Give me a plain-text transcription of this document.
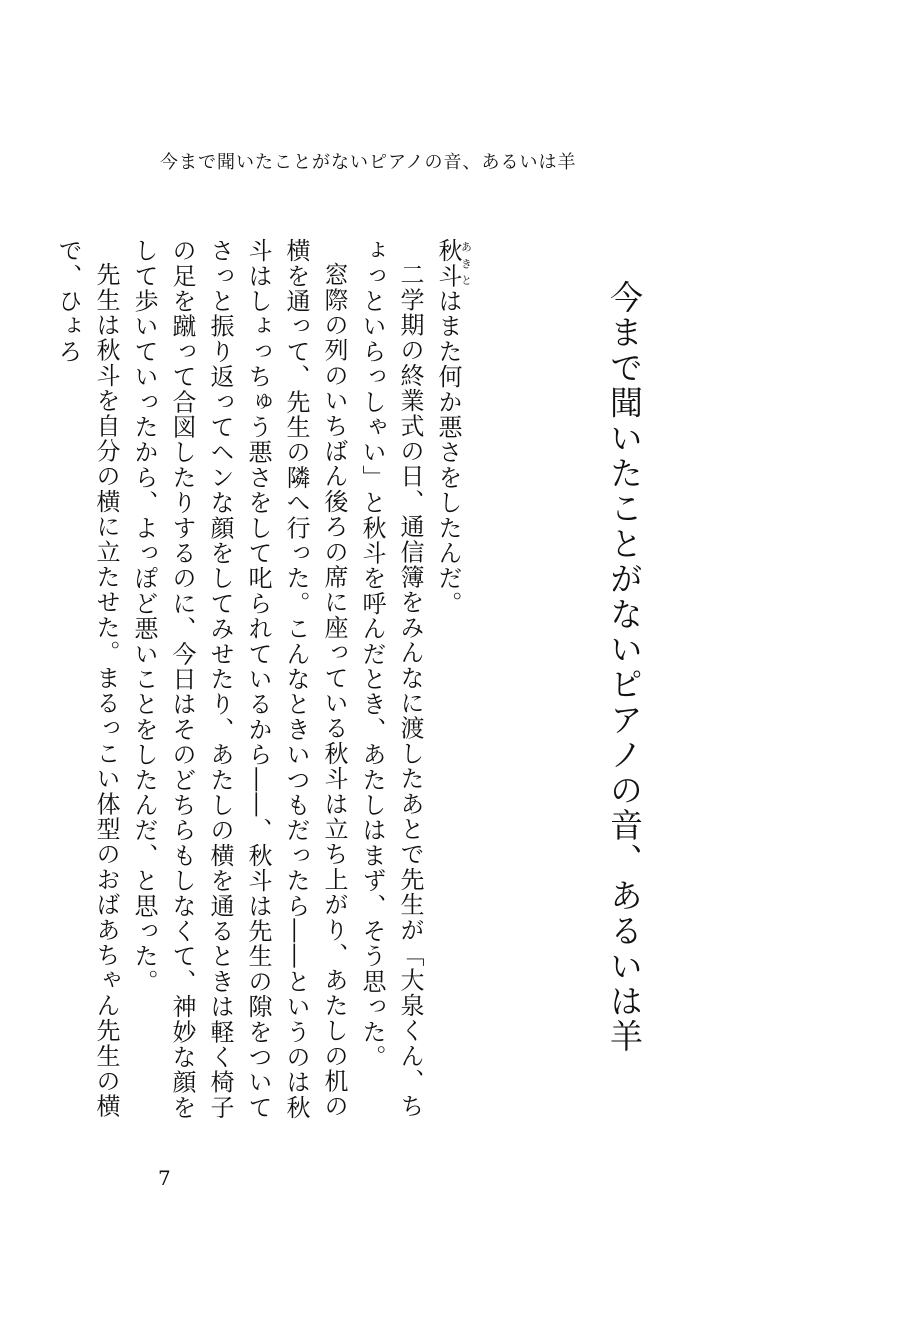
今まで聞いたことがないピアノの音、あるいは羊
今まで聞いたことがないピアノの音、あるいは羊

秋斗あきとはまた何か悪さをしたんだ。

二学期の終業式の日、通信簿をみんなに渡したあとで先生が「大泉くん、ちょっといらっしゃい」と秋斗を呼んだとき、あたしはまず、そう思った。

窓際の列のいちばん後ろの席に座っている秋斗は立ち上がり、あたしの机の横を通って、先生の隣へ行った。こんなときいつもだったら――というのは秋斗はしょっちゅう悪さをして叱られているから――、秋斗は先生の隙をついてさっと振り返ってヘンな顔をしてみせたり、あたしの横を通るときは軽く椅子の足を蹴って合図したりするのに、今日はそのどちらもしなくて、神妙な顔をして歩いていったから、よっぽど悪いことをしたんだ、と思った。

先生は秋斗を自分の横に立たせた。まるっこい体型のおばあちゃん先生の横で、ひょろ

7
